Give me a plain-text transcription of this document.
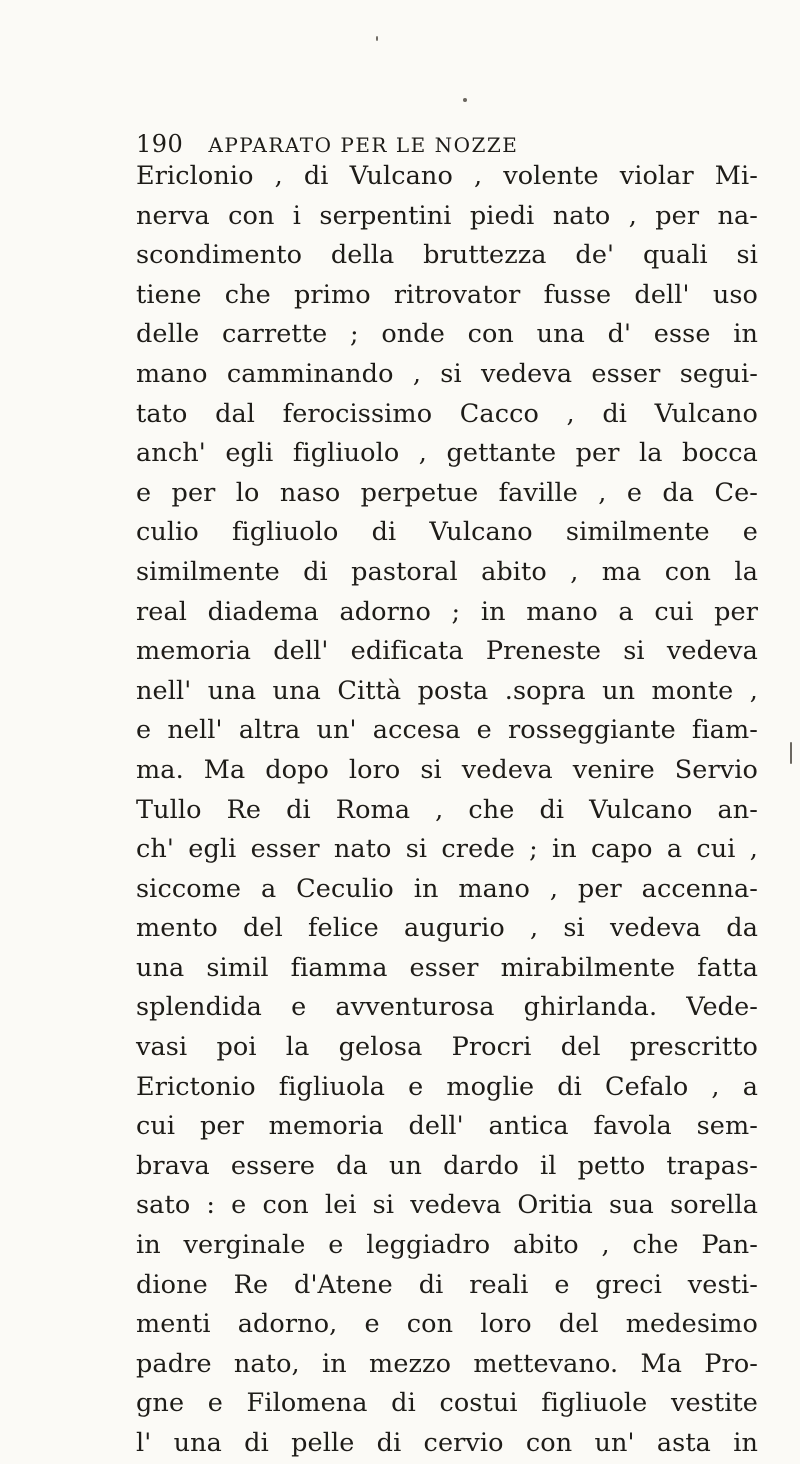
190 APPARATO PER LE NOZZE
Ericlonio , di Vulcano , volente violar Mi-
nerva con i serpentini piedi nato , per na-
scondimento della bruttezza de' quali si
tiene che primo ritrovator fusse dell' uso
delle carrette ; onde con una d' esse in
mano camminando , si vedeva esser segui-
tato dal ferocissimo Cacco , di Vulcano
anch' egli figliuolo , gettante per la bocca
e per lo naso perpetue faville , e da Ce-
culio figliuolo di Vulcano similmente e
similmente di pastoral abito , ma con la
real diadema adorno ; in mano a cui per
memoria dell' edificata Preneste si vedeva
nell' una una Città posta .sopra un monte ,
e nell' altra un' accesa e rosseggiante fiam-
ma. Ma dopo loro si vedeva venire Servio
Tullo Re di Roma , che di Vulcano an-
ch' egli esser nato si crede ; in capo a cui ,
siccome a Ceculio in mano , per accenna-
mento del felice augurio , si vedeva da
una simil fiamma esser mirabilmente fatta
splendida e avventurosa ghirlanda. Vede-
vasi poi la gelosa Procri del prescritto
Erictonio figliuola e moglie di Cefalo , a
cui per memoria dell' antica favola sem-
brava essere da un dardo il petto trapas-
sato : e con lei si vedeva Oritia sua sorella
in verginale e leggiadro abito , che Pan-
dione Re d'Atene di reali e greci vesti-
menti adorno, e con loro del medesimo
padre nato, in mezzo mettevano. Ma Pro-
gne e Filomena di costui figliuole vestite
l' una di pelle di cervio con un' asta in
